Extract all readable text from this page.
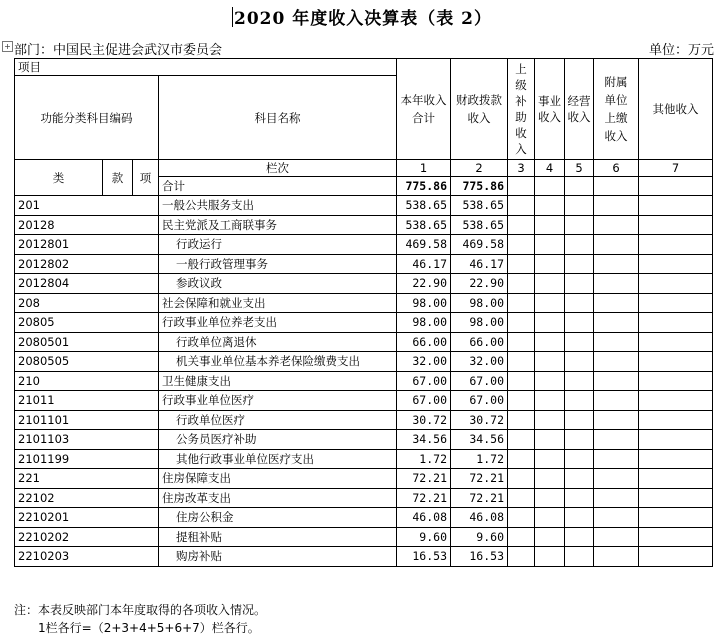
2020 年度收入决算表（表 2）
+ 部门：中国民主促进会武汉市委员会	单位：万元
项目				本年收入合计	财政拨款收入	上级补助收入	事业收入	经营收入	附属单位上缴收入	其他收入
功能分类科目编码			科目名称							
类	款	项	栏次	1	2	3	4	5	6	7
			合计	775.86	775.86					
201			一般公共服务支出	538.65	538.65					
20128			民主党派及工商联事务	538.65	538.65					
2012801			行政运行	469.58	469.58					
2012802			一般行政管理事务	46.17	46.17					
2012804			参政议政	22.90	22.90					
208			社会保障和就业支出	98.00	98.00					
20805			行政事业单位养老支出	98.00	98.00					
2080501			行政单位离退休	66.00	66.00					
2080505			机关事业单位基本养老保险缴费支出	32.00	32.00					
210			卫生健康支出	67.00	67.00					
21011			行政事业单位医疗	67.00	67.00					
2101101			行政单位医疗	30.72	30.72					
2101103			公务员医疗补助	34.56	34.56					
2101199			其他行政事业单位医疗支出	1.72	1.72					
221			住房保障支出	72.21	72.21					
22102			住房改革支出	72.21	72.21					
2210201			住房公积金	46.08	46.08					
2210202			提租补贴	9.60	9.60					
2210203			购房补贴	16.53	16.53					
注：本表反映部门本年度取得的各项收入情况。
1栏各行=（2+3+4+5+6+7）栏各行。
